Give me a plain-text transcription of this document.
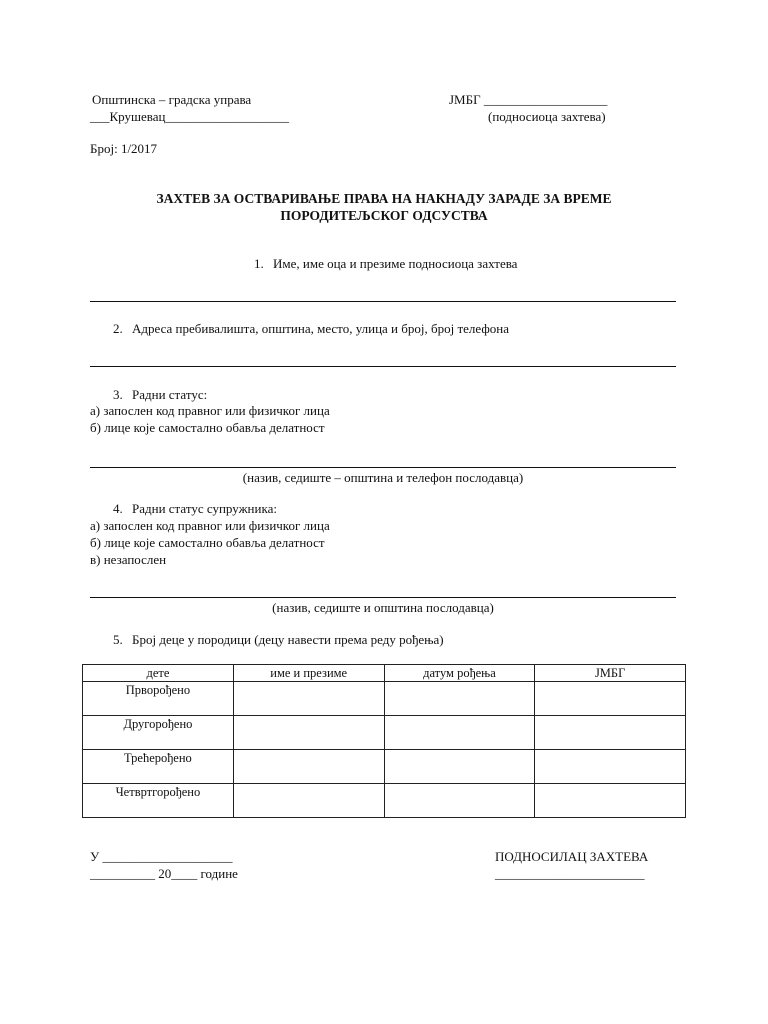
Општинска – градска управа
___Крушевац___________________
ЈМБГ ___________________
(подносиоца захтева)
Број: 1/2017
ЗАХТЕВ ЗА ОСТВАРИВАЊЕ ПРАВА НА НАКНАДУ ЗАРАДЕ ЗА ВРЕМЕ
ПОРОДИТЕЉСКОГ ОДСУСТВА
1. Име, име оца и презиме подносиоца захтева
2. Адреса пребивалишта, општина, место, улица и број, број телефона
3. Радни статус:
а) запослен код правног или физичког лица
б) лице које самостално обавља делатност
(назив, седиште – општина и телефон послодавца)
4. Радни статус супружника:
а) запослен код правног или физичког лица
б) лице које самостално обавља делатност
в) незапослен
(назив, седиште и општина послодавца)
5. Број деце у породици (децу навести према реду рођења)
дете	име и презиме	датум рођења	ЈМБГ
Прворођено			
Другорођено			
Трећерођено			
Четвртгорођено			
У ____________________
__________ 20____ године
ПОДНОСИЛАЦ ЗАХТЕВА
_______________________
